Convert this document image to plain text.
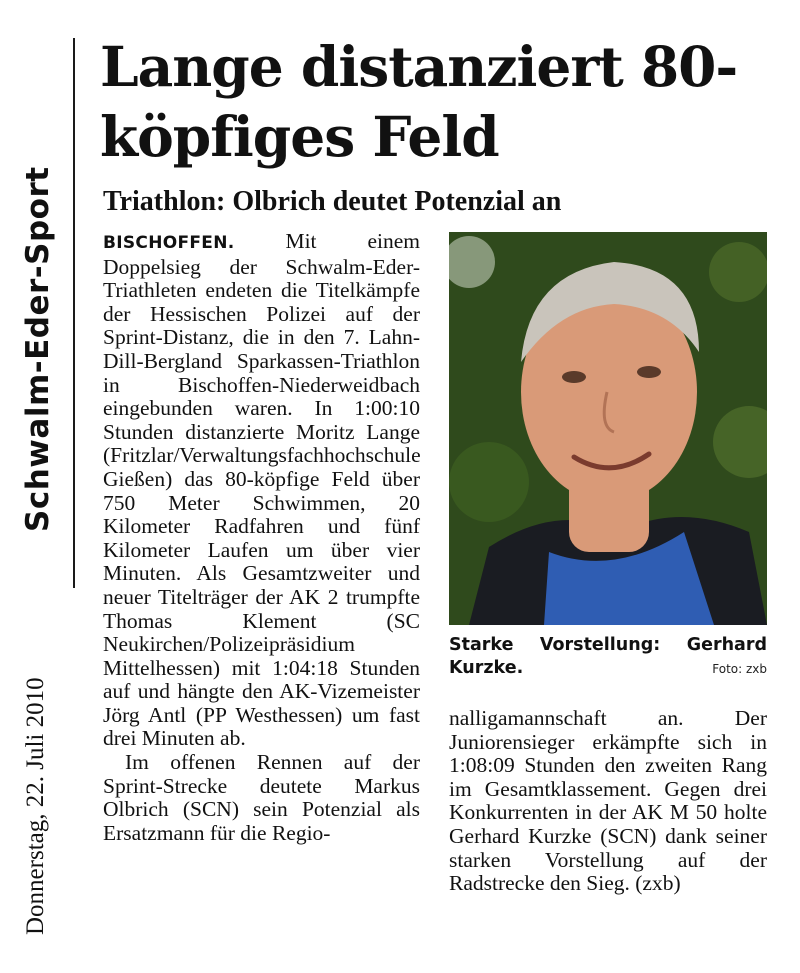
Schwalm-Eder-Sport
Donnerstag, 22. Juli 2010
Lange distanziert 80-köpfiges Feld
Triathlon: Olbrich deutet Potenzial an

BISCHOFFEN. Mit einem Doppelsieg der Schwalm-Eder-Triathleten endeten die Titelkämpfe der Hessischen Polizei auf der Sprint-Distanz, die in den 7. Lahn-Dill-Bergland Sparkassen-Triathlon in Bischoffen-Niederweidbach eingebunden waren. In 1:00:10 Stunden distanzierte Moritz Lange (Fritzlar/Verwaltungsfachhochschule Gießen) das 80-köpfige Feld über 750 Meter Schwimmen, 20 Kilometer Radfahren und fünf Kilometer Laufen um über vier Minuten. Als Gesamtzweiter und neuer Titelträger der AK 2 trumpfte Thomas Klement (SC Neukirchen/Polizeipräsidium Mittelhessen) mit 1:04:18 Stunden auf und hängte den AK-Vizemeister Jörg Antl (PP Westhessen) um fast drei Minuten ab.

Im offenen Rennen auf der Sprint-Strecke deutete Markus Olbrich (SCN) sein Potenzial als Ersatzmann für die Regio-

Starke Vorstellung: Gerhard Kurzke.	Foto: zxb

nalligamannschaft an. Der Juniorensieger erkämpfte sich in 1:08:09 Stunden den zweiten Rang im Gesamtklassement. Gegen drei Konkurrenten in der AK M 50 holte Gerhard Kurzke (SCN) dank seiner starken Vorstellung auf der Radstrecke den Sieg. (zxb)
